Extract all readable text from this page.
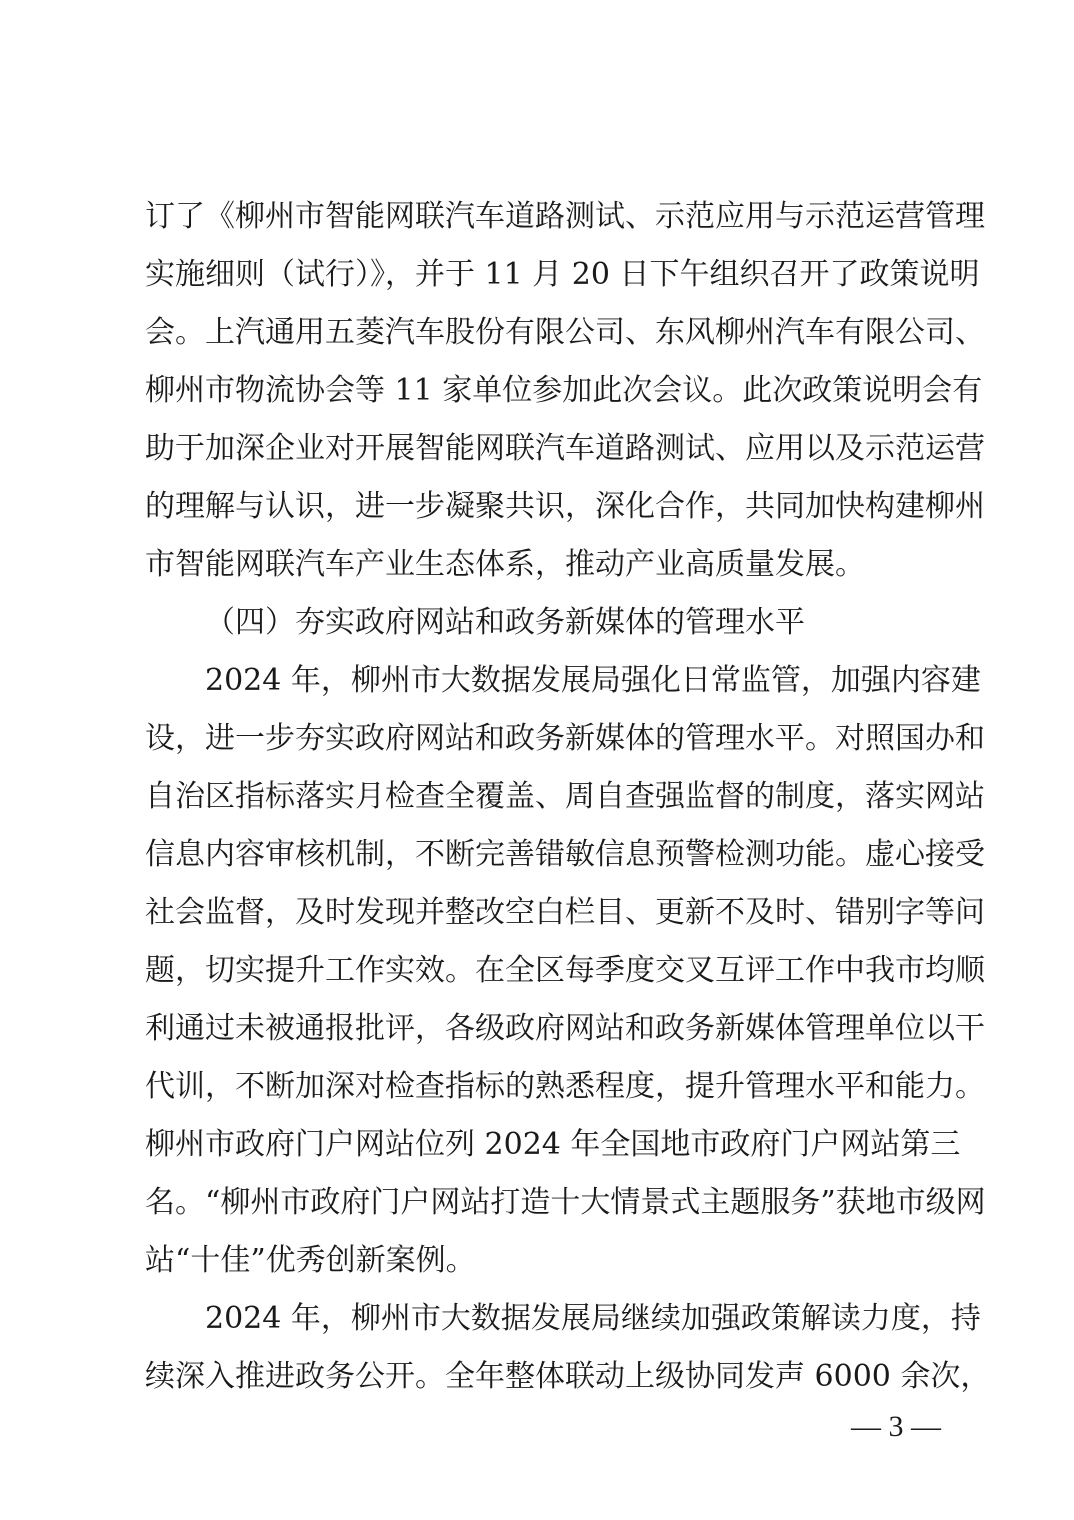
订了《柳州市智能网联汽车道路测试、示范应用与示范运营管理
实施细则（试行）》，并于 11 月 20 日下午组织召开了政策说明
会。上汽通用五菱汽车股份有限公司、东风柳州汽车有限公司、
柳州市物流协会等 11 家单位参加此次会议。此次政策说明会有
助于加深企业对开展智能网联汽车道路测试、应用以及示范运营
的理解与认识，进一步凝聚共识，深化合作，共同加快构建柳州
市智能网联汽车产业生态体系，推动产业高质量发展。
（四）夯实政府网站和政务新媒体的管理水平
2024 年，柳州市大数据发展局强化日常监管，加强内容建
设，进一步夯实政府网站和政务新媒体的管理水平。对照国办和
自治区指标落实月检查全覆盖、周自查强监督的制度，落实网站
信息内容审核机制，不断完善错敏信息预警检测功能。虚心接受
社会监督，及时发现并整改空白栏目、更新不及时、错别字等问
题，切实提升工作实效。在全区每季度交叉互评工作中我市均顺
利通过未被通报批评，各级政府网站和政务新媒体管理单位以干
代训，不断加深对检查指标的熟悉程度，提升管理水平和能力。
柳州市政府门户网站位列 2024 年全国地市政府门户网站第三
名。“柳州市政府门户网站打造十大情景式主题服务”获地市级网
站“十佳”优秀创新案例。
2024 年，柳州市大数据发展局继续加强政策解读力度，持
续深入推进政务公开。全年整体联动上级协同发声 6000 余次，
— 3 —
